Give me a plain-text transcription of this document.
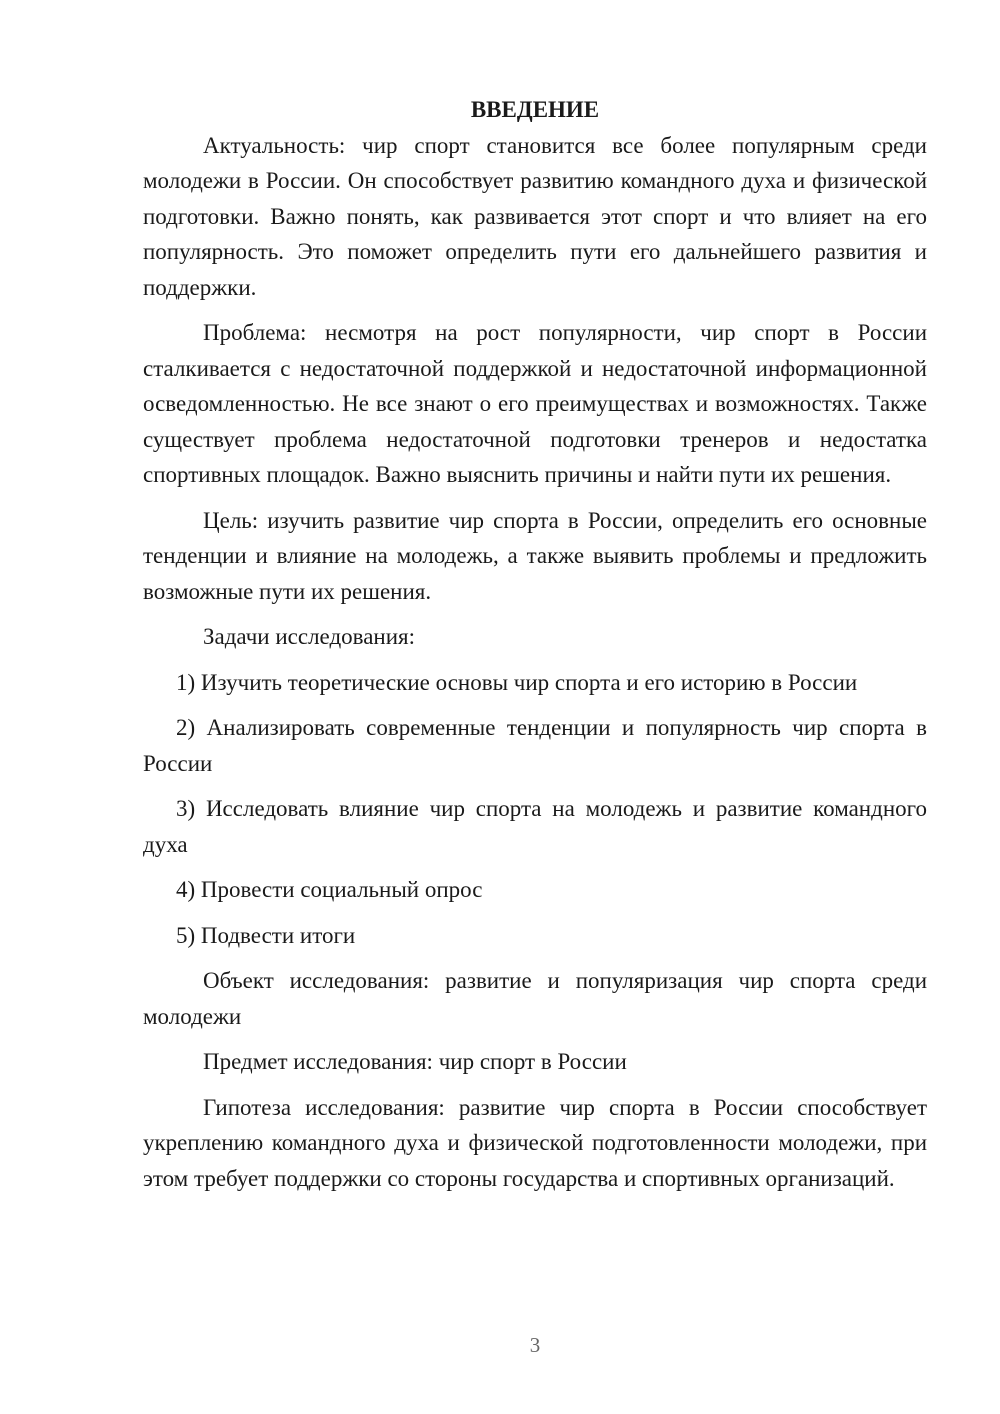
ВВЕДЕНИЕ

Актуальность: чир спорт становится все более популярным среди молодежи в России. Он способствует развитию командного духа и физической подготовки. Важно понять, как развивается этот спорт и что влияет на его популярность. Это поможет определить пути его дальнейшего развития и поддержки.

Проблема: несмотря на рост популярности, чир спорт в России сталкивается с недостаточной поддержкой и недостаточной информационной осведомленностью. Не все знают о его преимуществах и возможностях. Также существует проблема недостаточной подготовки тренеров и недостатка спортивных площадок. Важно выяснить причины и найти пути их решения.

Цель: изучить развитие чир спорта в России, определить его основные тенденции и влияние на молодежь, а также выявить проблемы и предложить возможные пути их решения.

Задачи исследования:

1) Изучить теоретические основы чир спорта и его историю в России

2) Анализировать современные тенденции и популярность чир спорта в России

3) Исследовать влияние чир спорта на молодежь и развитие командного духа

4) Провести социальный опрос

5) Подвести итоги

Объект исследования: развитие и популяризация чир спорта среди молодежи

Предмет исследования: чир спорт в России

Гипотеза исследования: развитие чир спорта в России способствует укреплению командного духа и физической подготовленности молодежи, при этом требует поддержки со стороны государства и спортивных организаций.

3
